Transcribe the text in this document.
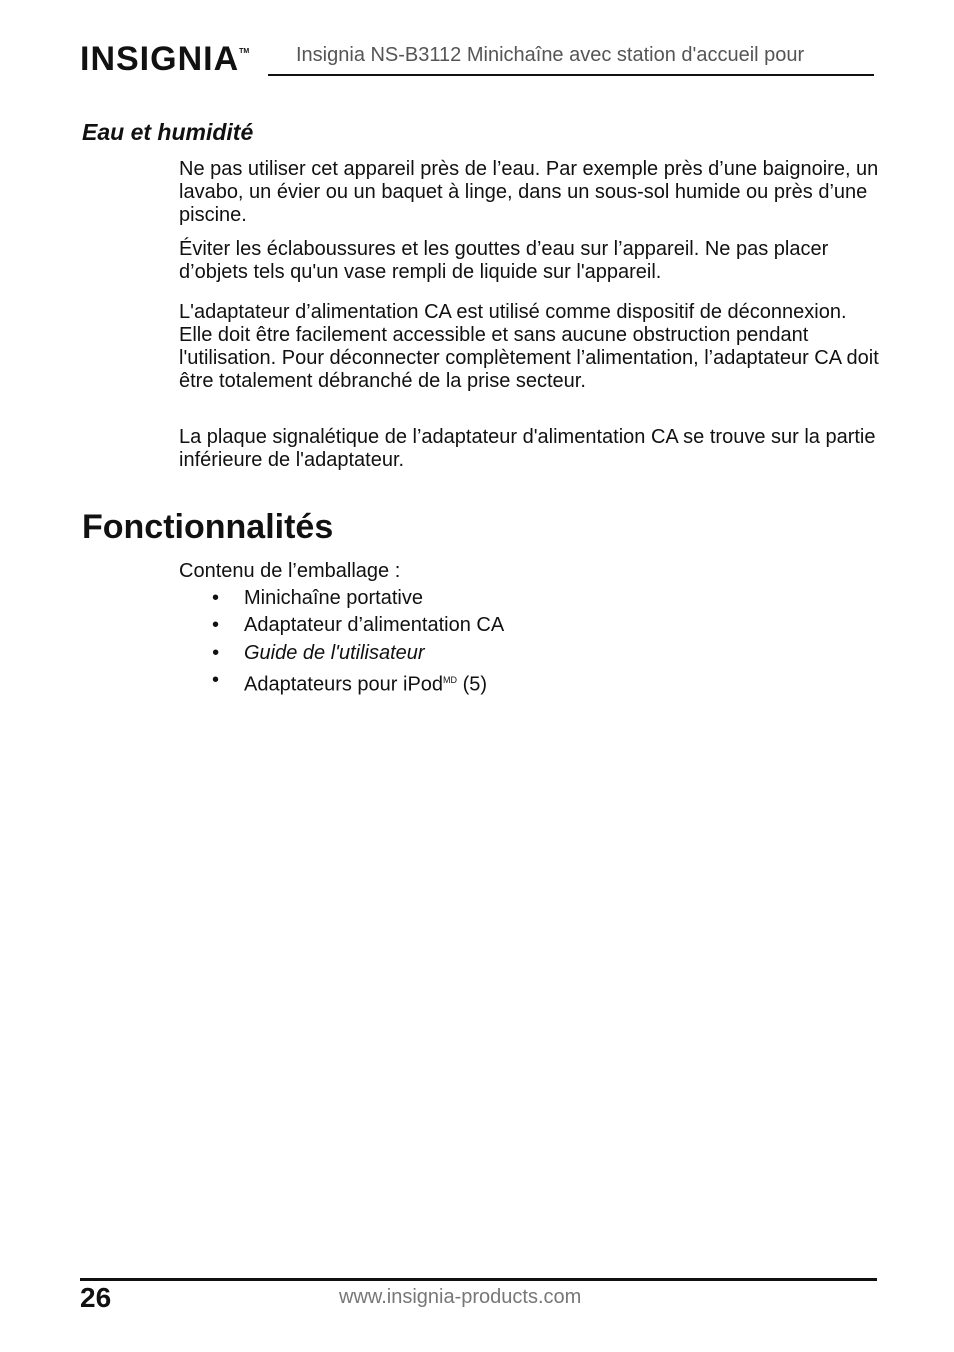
INSIGNIA™ Insignia NS-B3112 Minichaîne avec station d'accueil pour
Eau et humidité

Ne pas utiliser cet appareil près de l’eau. Par exemple près d’une baignoire, un lavabo, un évier ou un baquet à linge, dans un sous-sol humide ou près d’une piscine.

Éviter les éclaboussures et les gouttes d’eau sur l’appareil. Ne pas placer d’objets tels qu'un vase rempli de liquide sur l'appareil.

L'adaptateur d’alimentation CA est utilisé comme dispositif de déconnexion. Elle doit être facilement accessible et sans aucune obstruction pendant l'utilisation. Pour déconnecter complètement l’alimentation, l’adaptateur CA doit être totalement débranché de la prise secteur.

La plaque signalétique de l’adaptateur d'alimentation CA se trouve sur la partie inférieure de l'adaptateur.

Fonctionnalités
Contenu de l’emballage :
• Minichaîne portative
• Adaptateur d’alimentation CA
• Guide de l'utilisateur
• Adaptateurs pour iPod$^{MD}$ (5)
26	www.insignia-products.com
